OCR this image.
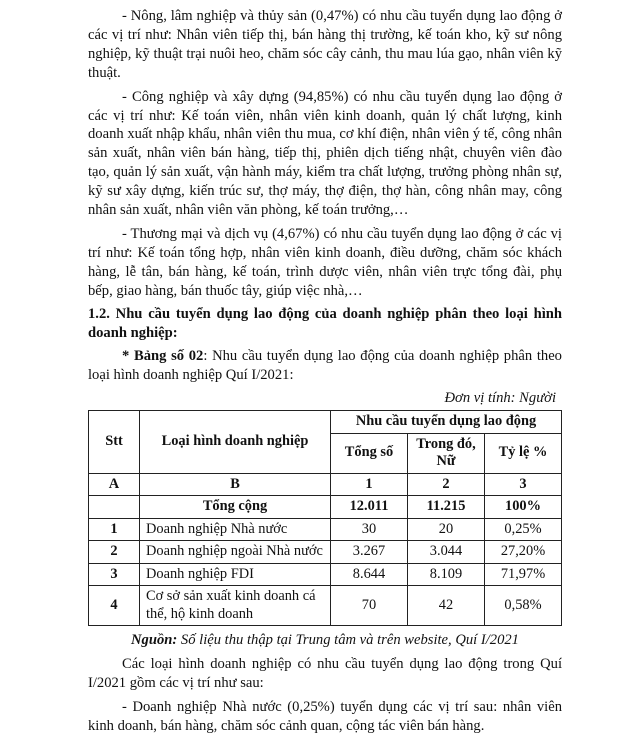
- Nông, lâm nghiệp và thủy sản (0,47%) có nhu cầu tuyển dụng lao động ở các vị trí như: Nhân viên tiếp thị, bán hàng thị trường, kế toán kho, kỹ sư nông nghiệp, kỹ thuật trại nuôi heo, chăm sóc cây cảnh, thu mau lúa gạo, nhân viên kỹ thuật.

- Công nghiệp và xây dựng (94,85%) có nhu cầu tuyển dụng lao động ở các vị trí như: Kế toán viên, nhân viên kinh doanh, quản lý chất lượng, kinh doanh xuất nhập khẩu, nhân viên thu mua, cơ khí điện, nhân viên ý tế, công nhân sản xuất, nhân viên bán hàng, tiếp thị, phiên dịch tiếng nhật, chuyên viên đào tạo, quản lý sản xuất, vận hành máy, kiểm tra chất lượng, trưởng phòng nhân sự, kỹ sư xây dựng, kiến trúc sư, thợ máy, thợ điện, thợ hàn, công nhân may, công nhân sản xuất, nhân viên văn phòng, kế toán trưởng,…

- Thương mại và dịch vụ (4,67%) có nhu cầu tuyển dụng lao động ở các vị trí như: Kế toán tổng hợp, nhân viên kinh doanh, điều dưỡng, chăm sóc khách hàng, lễ tân, bán hàng, kế toán, trình dược viên, nhân viên trực tổng đài, phụ bếp, giao hàng, bán thuốc tây, giúp việc nhà,…

1.2. Nhu cầu tuyển dụng lao động của doanh nghiệp phân theo loại hình doanh nghiệp:

* Bảng số 02: Nhu cầu tuyển dụng lao động của doanh nghiệp phân theo loại hình doanh nghiệp Quí I/2021:

Đơn vị tính: Người

Stt	Loại hình doanh nghiệp	Nhu cầu tuyển dụng lao động		
		Tổng số	Trong đó, Nữ	Tỷ lệ %
A	B	1	2	3
	Tổng cộng	12.011	11.215	100%
1	Doanh nghiệp Nhà nước	30	20	0,25%
2	Doanh nghiệp ngoài Nhà nước	3.267	3.044	27,20%
3	Doanh nghiệp FDI	8.644	8.109	71,97%
4	Cơ sở sản xuất kinh doanh cá thể, hộ kinh doanh	70	42	0,58%

Nguồn: Số liệu thu thập tại Trung tâm và trên website, Quí I/2021

Các loại hình doanh nghiệp có nhu cầu tuyển dụng lao động trong Quí I/2021 gồm các vị trí như sau:

- Doanh nghiệp Nhà nước (0,25%) tuyển dụng các vị trí sau: nhân viên kinh doanh, bán hàng, chăm sóc cảnh quan, cộng tác viên bán hàng.
